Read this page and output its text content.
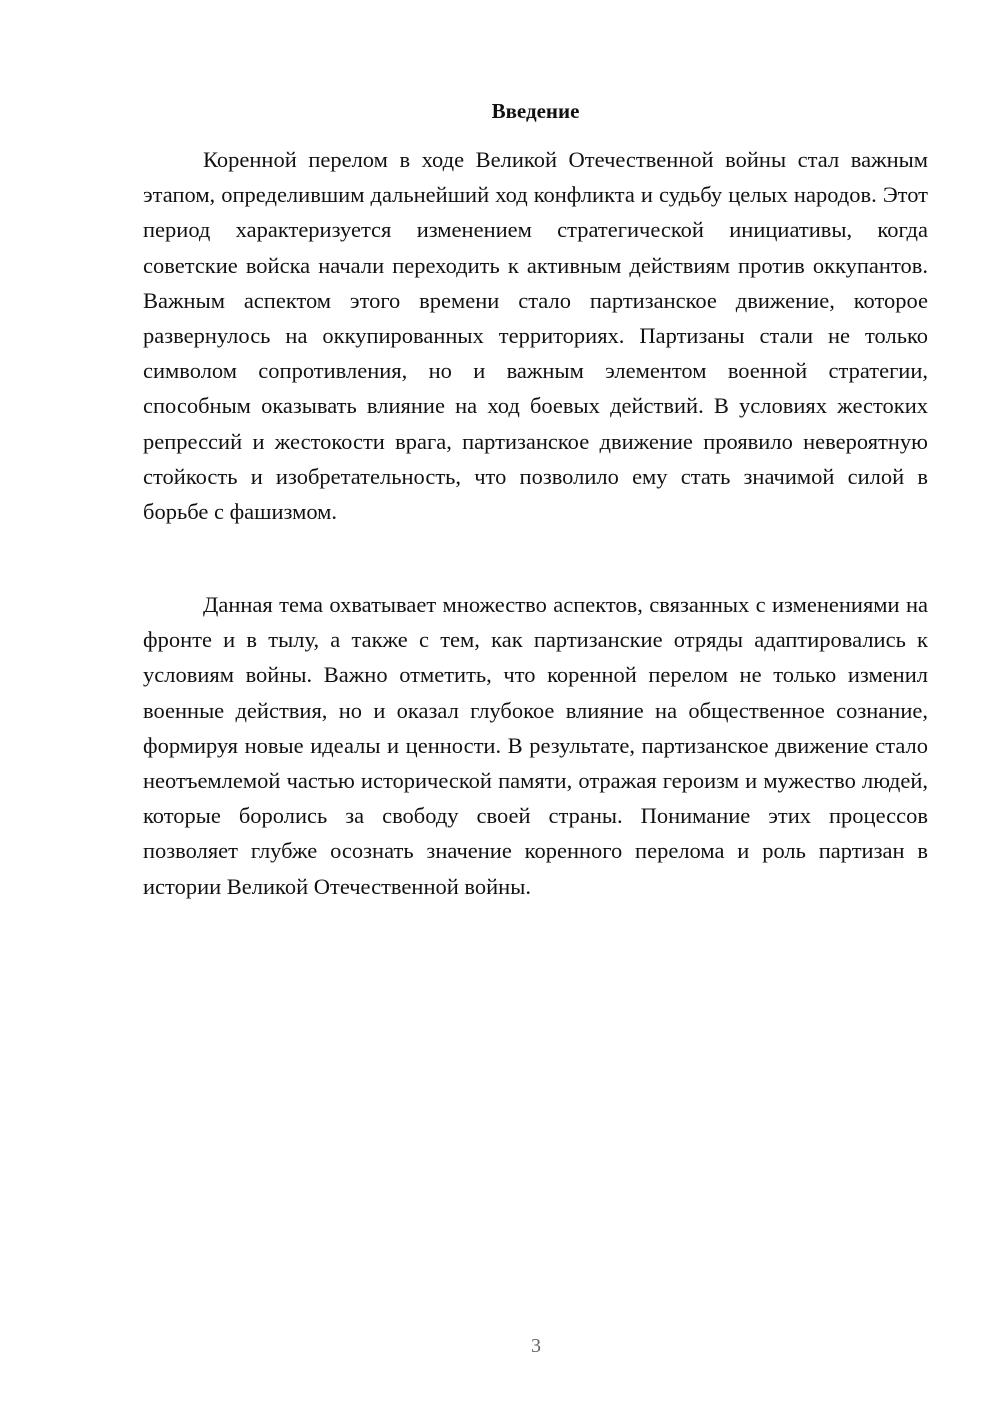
Введение

Коренной перелом в ходе Великой Отечественной войны стал важным этапом, определившим дальнейший ход конфликта и судьбу целых народов. Этот период характеризуется изменением стратегической инициативы, когда советские войска начали переходить к активным действиям против оккупантов. Важным аспектом этого времени стало партизанское движение, которое развернулось на оккупированных территориях. Партизаны стали не только символом сопротивления, но и важным элементом военной стратегии, способным оказывать влияние на ход боевых действий. В условиях жестоких репрессий и жестокости врага, партизанское движение проявило невероятную стойкость и изобретательность, что позволило ему стать значимой силой в борьбе с фашизмом.

Данная тема охватывает множество аспектов, связанных с изменениями на фронте и в тылу, а также с тем, как партизанские отряды адаптировались к условиям войны. Важно отметить, что коренной перелом не только изменил военные действия, но и оказал глубокое влияние на общественное сознание, формируя новые идеалы и ценности. В результате, партизанское движение стало неотъемлемой частью исторической памяти, отражая героизм и мужество людей, которые боролись за свободу своей страны. Понимание этих процессов позволяет глубже осознать значение коренного перелома и роль партизан в истории Великой Отечественной войны.

3
